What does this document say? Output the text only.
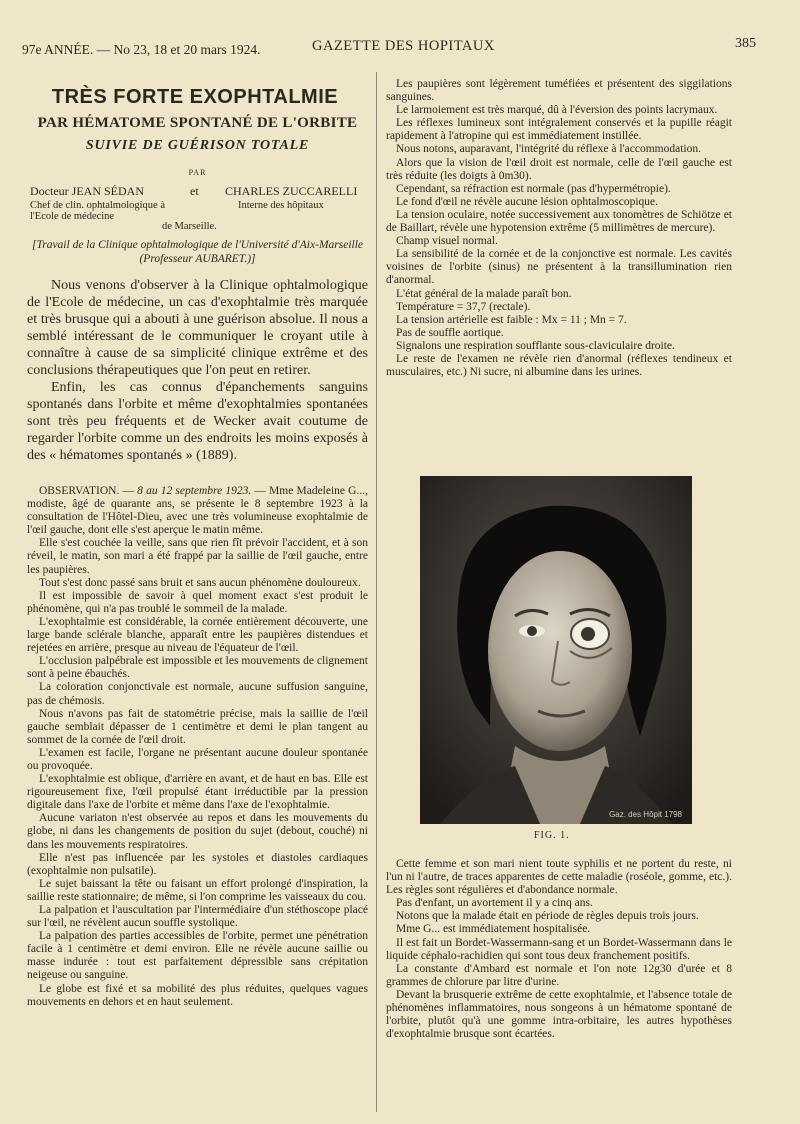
97e ANNÉE. — No 23, 18 et 20 mars 1924.	GAZETTE DES HOPITAUX	385
TRÈS FORTE EXOPHTALMIE
PAR HÉMATOME SPONTANÉ DE L'ORBITE
SUIVIE DE GUÉRISON TOTALE
PAR
Docteur JEAN SÉDAN	et CHARLES ZUCCARELLI
Chef de clin. ophtalmologique à l'Ecole de médecine
Interne des hôpitaux
de Marseille.
[Travail de la Clinique ophtalmologique de l'Université d'Aix-Marseille (Professeur AUBARET.)]

Nous venons d'observer à la Clinique ophtalmologique de l'Ecole de médecine, un cas d'exophtalmie très marquée et très brusque qui a abouti à une guérison absolue. Il nous a semblé intéressant de le communiquer le croyant utile à connaître à cause de sa simplicité clinique extrême et des conclusions thérapeutiques que l'on peut en retirer.

Enfin, les cas connus d'épanchements sanguins spontanés dans l'orbite et même d'exophtalmies spontanées sont très peu fréquents et de Wecker avait coutume de regarder l'orbite comme un des endroits les moins exposés à des « hématomes spontanés » (1889).

OBSERVATION. — 8 au 12 septembre 1923. — Mme Madeleine G..., modiste, âgé de quarante ans, se présente le 8 septembre 1923 à la consultation de l'Hôtel-Dieu, avec une très volumineuse exophtalmie de l'œil gauche, dont elle s'est aperçue le matin même.

Elle s'est couchée la veille, sans que rien fît prévoir l'accident, et à son réveil, le matin, son mari a été frappé par la saillie de l'œil gauche, entre les paupières.

Tout s'est donc passé sans bruit et sans aucun phénomène douloureux.

Il est impossible de savoir à quel moment exact s'est produit le phénomène, qui n'a pas troublé le sommeil de la malade.

L'exophtalmie est considérable, la cornée entièrement découverte, une large bande sclérale blanche, apparaît entre les paupières distendues et rejetées en arrière, presque au niveau de l'équateur de l'œil.

L'occlusion palpébrale est impossible et les mouvements de clignement sont à peine ébauchés.

La coloration conjonctivale est normale, aucune suffusion sanguine, pas de chémosis.

Nous n'avons pas fait de statométrie précise, mais la saillie de l'œil gauche semblait dépasser de 1 centimètre et demi le plan tangent au sommet de la cornée de l'œil droit.

L'examen est facile, l'organe ne présentant aucune douleur spontanée ou provoquée.

L'exophtalmie est oblique, d'arrière en avant, et de haut en bas. Elle est rigoureusement fixe, l'œil propulsé étant irréductible par la pression digitale dans l'axe de l'orbite et même dans l'axe de l'exophtalmie.

Aucune variaton n'est observée au repos et dans les mouvements du globe, ni dans les changements de position du sujet (debout, couché) ni dans les mouvements respiratoires.

Elle n'est pas influencée par les systoles et diastoles cardiaques (exophtalmie non pulsatile).

Le sujet baissant la tête ou faisant un effort prolongé d'inspiration, la saillie reste stationnaire; de même, si l'on comprime les vaisseaux du cou.

La palpation et l'auscultation par l'intermédiaire d'un stéthoscope placé sur l'œil, ne révèlent aucun souffle systolique.

La palpation des parties accessibles de l'orbite, permet une pénétration facile à 1 centimètre et demi environ. Elle ne révèle aucune saillie ou masse indurée : tout est parfaitement dépressible sans crépitation neigeuse ou sanguine.

Le globe est fixé et sa mobilité des plus réduites, quelques vagues mouvements en dehors et en haut seulement.

Les paupières sont légèrement tuméfiées et présentent des siggilations sanguines.

Le larmoiement est très marqué, dû à l'éversion des points lacrymaux.

Les réflexes lumineux sont intégralement conservés et la pupille réagit rapidement à l'atropine qui est immédiatement instillée.

Nous notons, auparavant, l'intégrité du réflexe à l'accommodation.

Alors que la vision de l'œil droit est normale, celle de l'œil gauche est très réduite (les doigts à 0m30).

Cependant, sa réfraction est normale (pas d'hypermétropie).

Le fond d'œil ne révèle aucune lésion ophtalmoscopique.

La tension oculaire, notée successivement aux tonomètres de Schiötze et de Baillart, révèle une hypotension extrême (5 millimètres de mercure).

Champ visuel normal.

La sensibilité de la cornée et de la conjonctive est normale. Les cavités voisines de l'orbite (sinus) ne présentent à la transillumination rien d'anormal.

L'état général de la malade paraît bon.

Température = 37,7 (rectale).

La tension artérielle est faible : Mx = 11 ; Mn = 7.

Pas de souffle aortique.

Signalons une respiration soufflante sous-claviculaire droite.

Le reste de l'examen ne révèle rien d'anormal (réflexes tendineux et musculaires, etc.) Ni sucre, ni albumine dans les urines.

Gaz. des Hôpit 1798
FIG. 1.

Cette femme et son mari nient toute syphilis et ne portent du reste, ni l'un ni l'autre, de traces apparentes de cette maladie (roséole, gomme, etc.). Les règles sont régulières et d'abondance normale.

Pas d'enfant, un avortement il y a cinq ans.

Notons que la malade était en période de règles depuis trois jours.

Mme G... est immédiatement hospitalisée.

Il est fait un Bordet-Wassermann-sang et un Bordet-Wassermann dans le liquide céphalo-rachidien qui sont tous deux franchement positifs.

La constante d'Ambard est normale et l'on note 12g30 d'urée et 8 grammes de chlorure par litre d'urine.

Devant la brusquerie extrême de cette exophtalmie, et l'absence totale de phénomènes inflammatoires, nous songeons à un hématome spontané de l'orbite, plutôt qu'à une gomme intra-orbitaire, les autres hypothèses d'exophtalmie brusque sont écartées.
